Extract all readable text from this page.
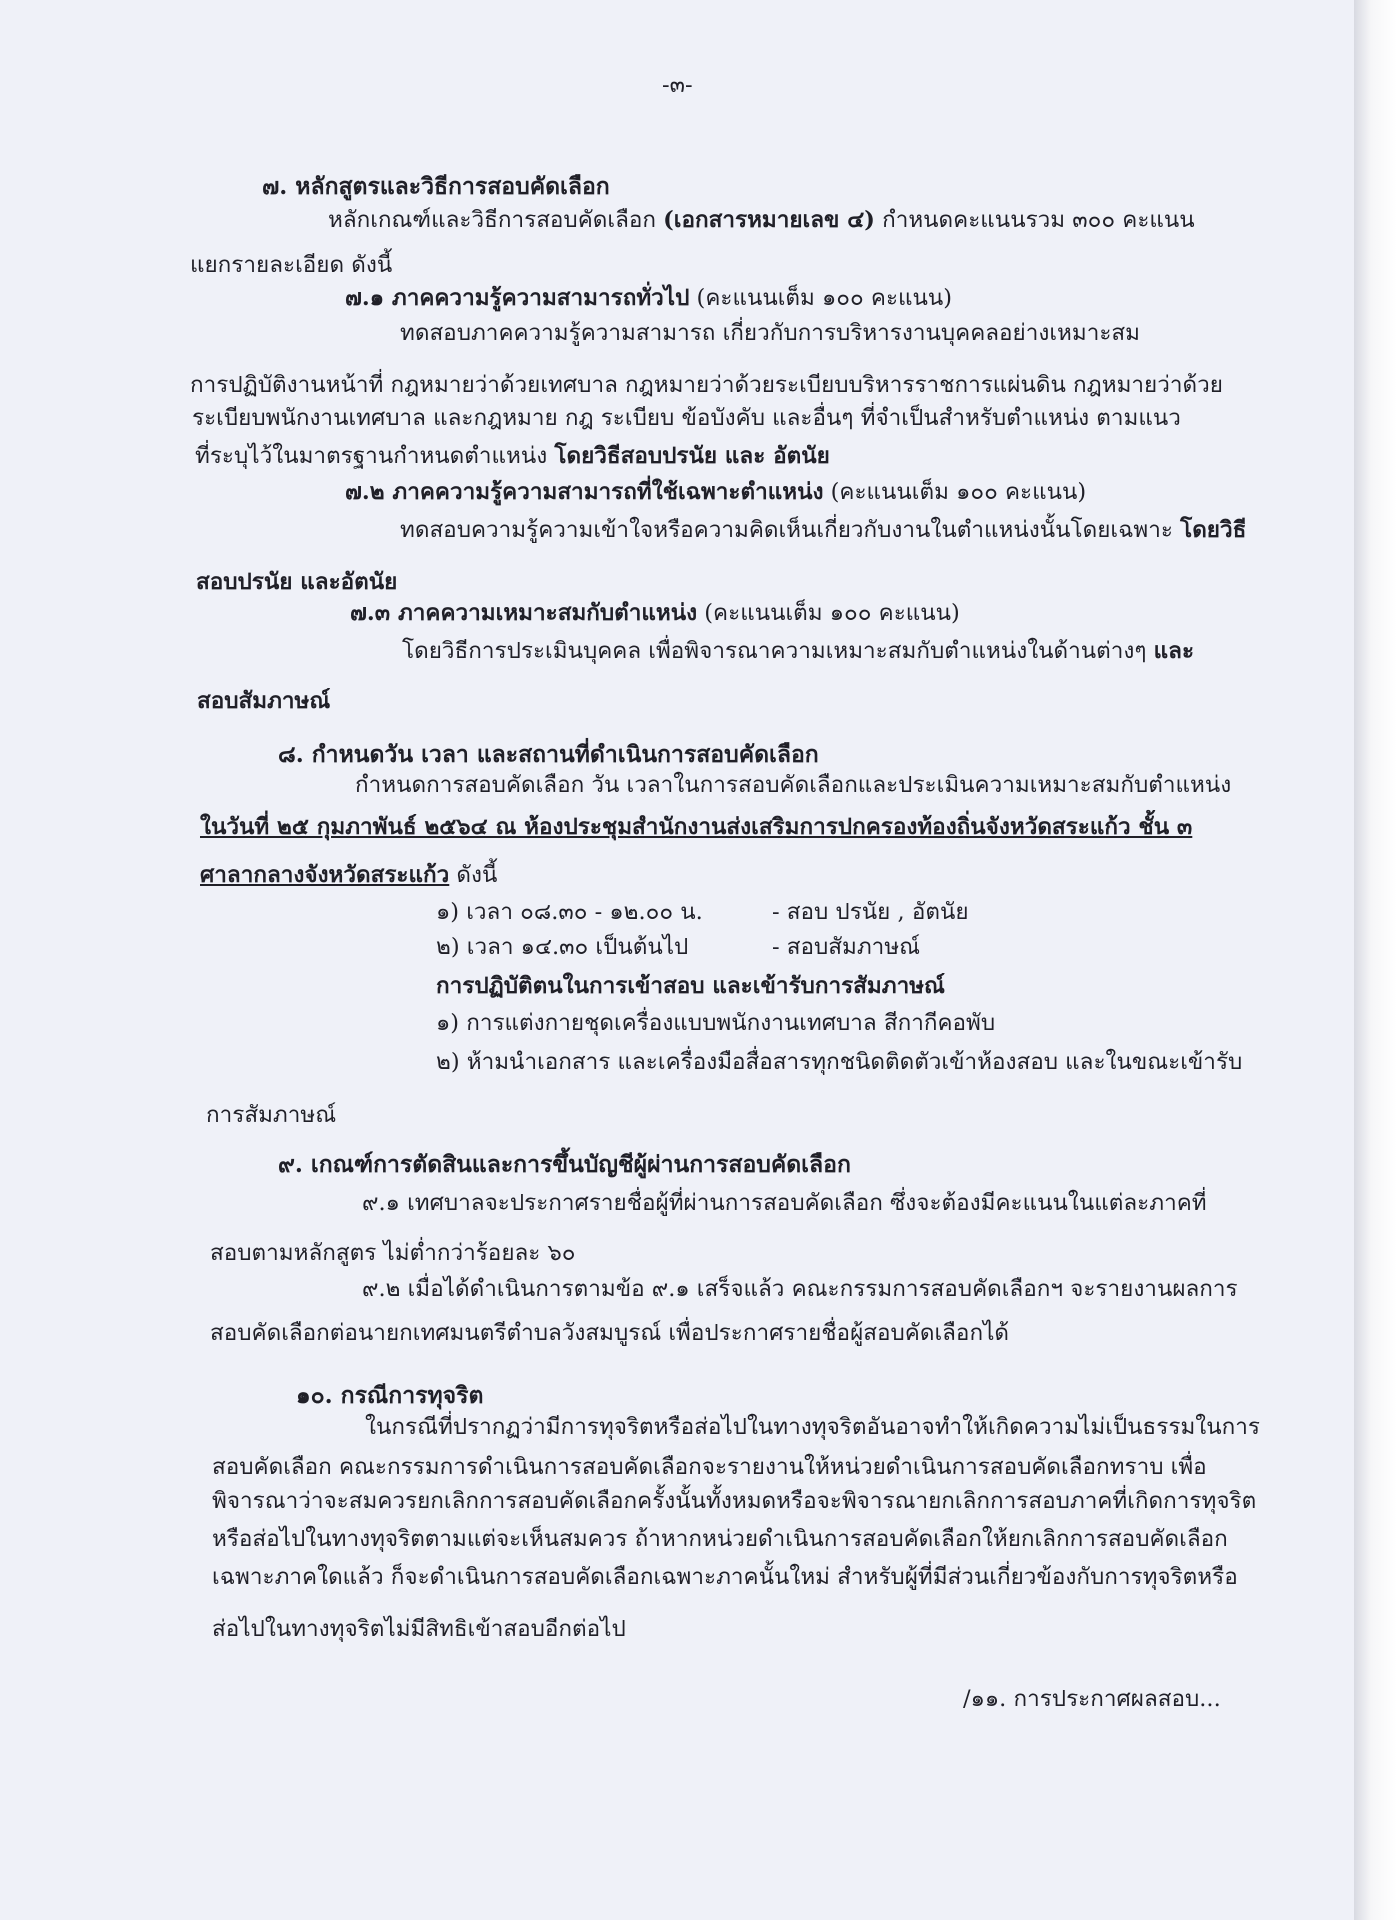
-๓-
๗. หลักสูตรและวิธีการสอบคัดเลือก
หลักเกณฑ์และวิธีการสอบคัดเลือก (เอกสารหมายเลข ๔) กำหนดคะแนนรวม ๓๐๐ คะแนน
แยกรายละเอียด ดังนี้
๗.๑ ภาคความรู้ความสามารถทั่วไป (คะแนนเต็ม ๑๐๐ คะแนน)
ทดสอบภาคความรู้ความสามารถ เกี่ยวกับการบริหารงานบุคคลอย่างเหมาะสม
การปฏิบัติงานหน้าที่ กฎหมายว่าด้วยเทศบาล กฎหมายว่าด้วยระเบียบบริหารราชการแผ่นดิน กฎหมายว่าด้วย
ระเบียบพนักงานเทศบาล และกฎหมาย กฎ ระเบียบ ข้อบังคับ และอื่นๆ ที่จำเป็นสำหรับตำแหน่ง ตามแนว
ที่ระบุไว้ในมาตรฐานกำหนดตำแหน่ง โดยวิธีสอบปรนัย และ อัตนัย
๗.๒ ภาคความรู้ความสามารถที่ใช้เฉพาะตำแหน่ง (คะแนนเต็ม ๑๐๐ คะแนน)
ทดสอบความรู้ความเข้าใจหรือความคิดเห็นเกี่ยวกับงานในตำแหน่งนั้นโดยเฉพาะ โดยวิธี
สอบปรนัย และอัตนัย
๗.๓ ภาคความเหมาะสมกับตำแหน่ง (คะแนนเต็ม ๑๐๐ คะแนน)
โดยวิธีการประเมินบุคคล เพื่อพิจารณาความเหมาะสมกับตำแหน่งในด้านต่างๆ และ
สอบสัมภาษณ์
๘. กำหนดวัน เวลา และสถานที่ดำเนินการสอบคัดเลือก
กำหนดการสอบคัดเลือก วัน เวลาในการสอบคัดเลือกและประเมินความเหมาะสมกับตำแหน่ง
ในวันที่ ๒๕ กุมภาพันธ์ ๒๕๖๔ ณ ห้องประชุมสำนักงานส่งเสริมการปกครองท้องถิ่นจังหวัดสระแก้ว ชั้น ๓
ศาลากลางจังหวัดสระแก้ว ดังนี้
๑) เวลา ๐๘.๓๐ - ๑๒.๐๐ น.	- สอบ ปรนัย , อัตนัย
๒) เวลา ๑๔.๓๐ เป็นต้นไป	- สอบสัมภาษณ์
การปฏิบัติตนในการเข้าสอบ และเข้ารับการสัมภาษณ์
๑) การแต่งกายชุดเครื่องแบบพนักงานเทศบาล สีกากีคอพับ
๒) ห้ามนำเอกสาร และเครื่องมือสื่อสารทุกชนิดติดตัวเข้าห้องสอบ และในขณะเข้ารับ
การสัมภาษณ์
๙. เกณฑ์การตัดสินและการขึ้นบัญชีผู้ผ่านการสอบคัดเลือก
๙.๑ เทศบาลจะประกาศรายชื่อผู้ที่ผ่านการสอบคัดเลือก ซึ่งจะต้องมีคะแนนในแต่ละภาคที่
สอบตามหลักสูตร ไม่ต่ำกว่าร้อยละ ๖๐
๙.๒ เมื่อได้ดำเนินการตามข้อ ๙.๑ เสร็จแล้ว คณะกรรมการสอบคัดเลือกฯ จะรายงานผลการ
สอบคัดเลือกต่อนายกเทศมนตรีตำบลวังสมบูรณ์ เพื่อประกาศรายชื่อผู้สอบคัดเลือกได้
๑๐. กรณีการทุจริต
ในกรณีที่ปรากฏว่ามีการทุจริตหรือส่อไปในทางทุจริตอันอาจทำให้เกิดความไม่เป็นธรรมในการ
สอบคัดเลือก คณะกรรมการดำเนินการสอบคัดเลือกจะรายงานให้หน่วยดำเนินการสอบคัดเลือกทราบ เพื่อ
พิจารณาว่าจะสมควรยกเลิกการสอบคัดเลือกครั้งนั้นทั้งหมดหรือจะพิจารณายกเลิกการสอบภาคที่เกิดการทุจริต
หรือส่อไปในทางทุจริตตามแต่จะเห็นสมควร ถ้าหากหน่วยดำเนินการสอบคัดเลือกให้ยกเลิกการสอบคัดเลือก
เฉพาะภาคใดแล้ว ก็จะดำเนินการสอบคัดเลือกเฉพาะภาคนั้นใหม่ สำหรับผู้ที่มีส่วนเกี่ยวข้องกับการทุจริตหรือ
ส่อไปในทางทุจริตไม่มีสิทธิเข้าสอบอีกต่อไป
/๑๑. การประกาศผลสอบ...
